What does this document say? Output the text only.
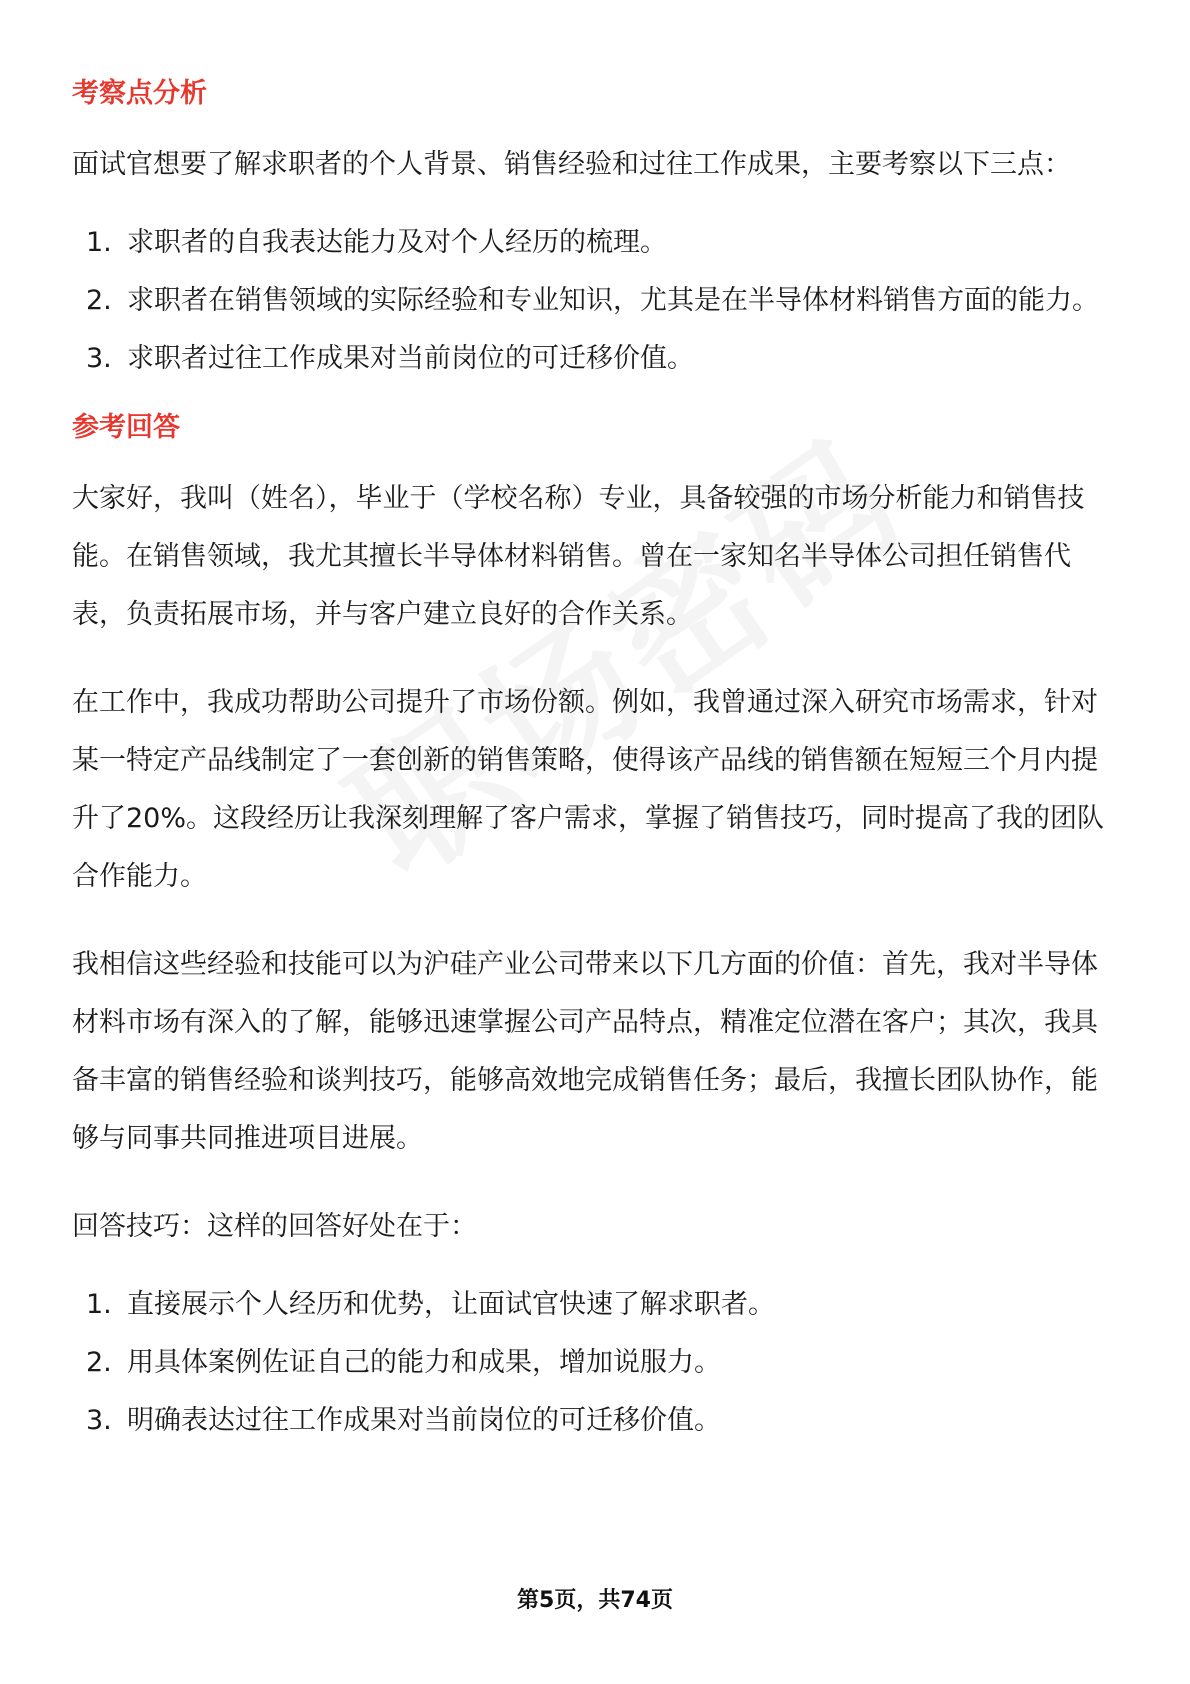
考察点分析

面试官想要了解求职者的个人背景、销售经验和过往工作成果，主要考察以下三点：

1. 求职者的自我表达能力及对个人经历的梳理。
2. 求职者在销售领域的实际经验和专业知识，尤其是在半导体材料销售方面的能力。
3. 求职者过往工作成果对当前岗位的可迁移价值。
参考回答

大家好，我叫（姓名），毕业于（学校名称）专业，具备较强的市场分析能力和销售技能。在销售领域，我尤其擅长半导体材料销售。曾在一家知名半导体公司担任销售代表，负责拓展市场，并与客户建立良好的合作关系。

在工作中，我成功帮助公司提升了市场份额。例如，我曾通过深入研究市场需求，针对某一特定产品线制定了一套创新的销售策略，使得该产品线的销售额在短短三个月内提升了20%。这段经历让我深刻理解了客户需求，掌握了销售技巧，同时提高了我的团队合作能力。

我相信这些经验和技能可以为沪硅产业公司带来以下几方面的价值：首先，我对半导体材料市场有深入的了解，能够迅速掌握公司产品特点，精准定位潜在客户；其次，我具备丰富的销售经验和谈判技巧，能够高效地完成销售任务；最后，我擅长团队协作，能够与同事共同推进项目进展。

回答技巧：这样的回答好处在于：

1. 直接展示个人经历和优势，让面试官快速了解求职者。
2. 用具体案例佐证自己的能力和成果，增加说服力。
3. 明确表达过往工作成果对当前岗位的可迁移价值。
第5页，共74页
